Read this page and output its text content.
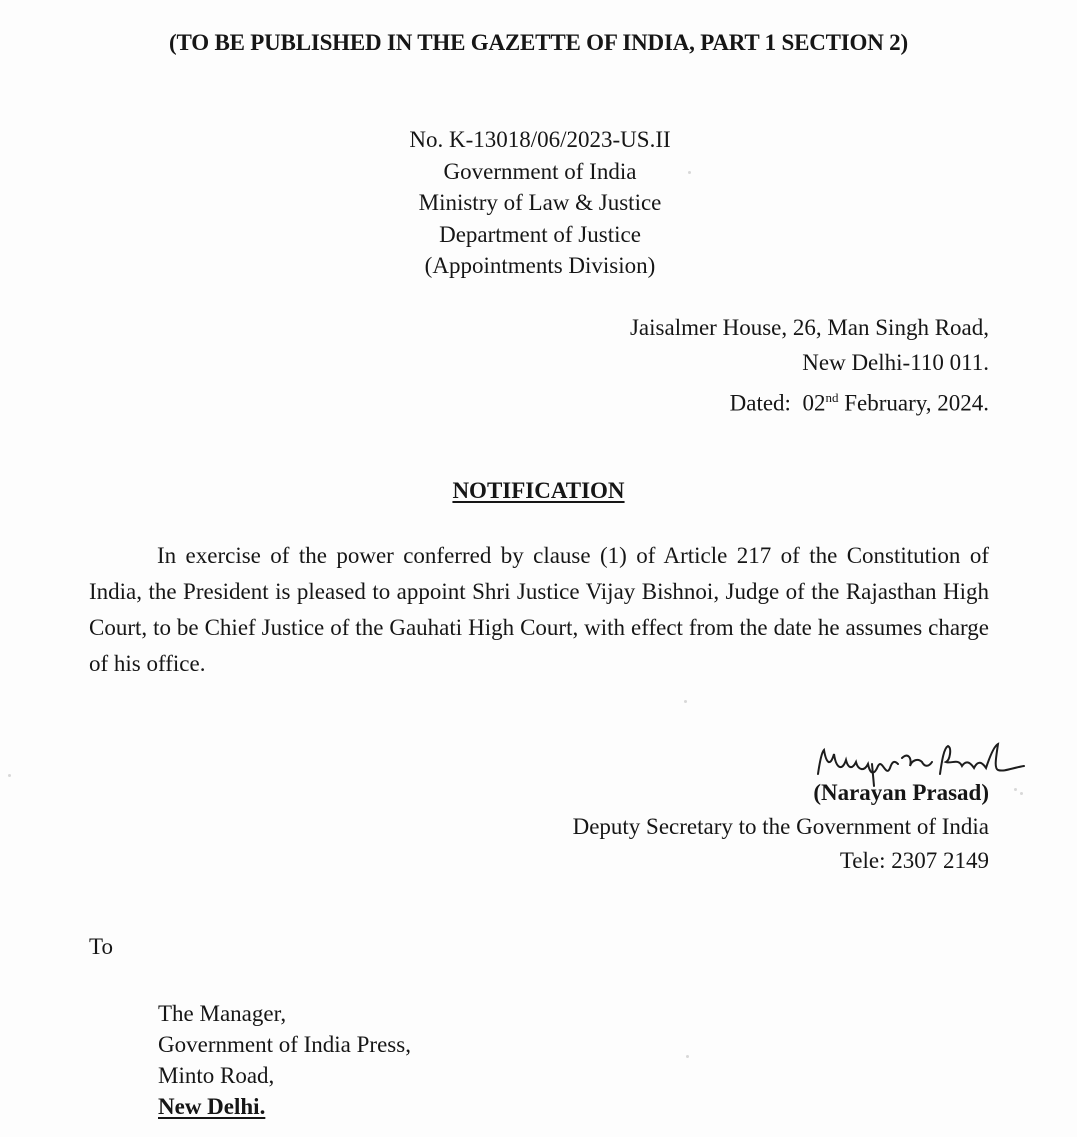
(TO BE PUBLISHED IN THE GAZETTE OF INDIA, PART 1 SECTION 2)
No. K-13018/06/2023-US.II
Government of India
Ministry of Law & Justice
Department of Justice
(Appointments Division)
Jaisalmer House, 26, Man Singh Road,
New Delhi-110 011.
Dated: 02nd February, 2024.
NOTIFICATION
In exercise of the power conferred by clause (1) of Article 217 of the Constitution of India, the President is pleased to appoint Shri Justice Vijay Bishnoi, Judge of the Rajasthan High Court, to be Chief Justice of the Gauhati High Court, with effect from the date he assumes charge of his office.
(Narayan Prasad)
Deputy Secretary to the Government of India
Tele: 2307 2149
To
The Manager,
Government of India Press,
Minto Road,
New Delhi.
